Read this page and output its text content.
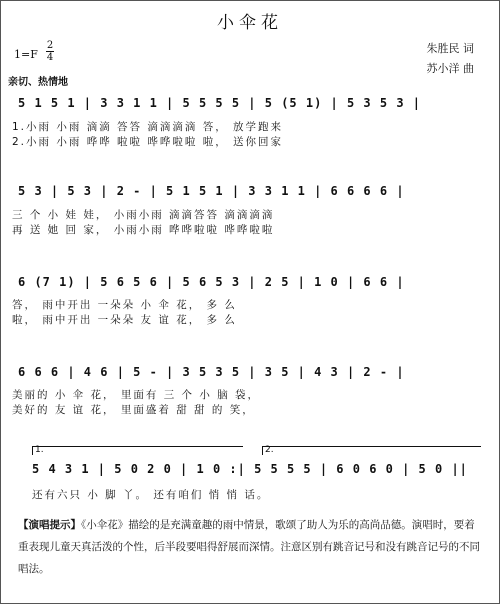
小伞花
1=F
2
4
亲切、热情地
朱胜民 词
苏小洋 曲
5 1 5 1 | 3 3 1 1 | 5 5 5 5 | 5 (5 1) | 5 3 5 3 |
1.小雨 小雨 滴滴 答答 滴滴滴滴 答， 放学跑来
2.小雨 小雨 哗哗 啦啦 哗哗啦啦 啦， 送你回家
5 3 | 5 3 | 2 - | 5 1 5 1 | 3 3 1 1 | 6 6 6 6 |
三 个 小 娃 娃， 小雨小雨 滴滴答答 滴滴滴滴
再 送 她 回 家， 小雨小雨 哗哗啦啦 哗哗啦啦
6 (7 1) | 5 6 5 6 | 5 6 5 3 | 2 5 | 1 0 | 6 6 |
答， 雨中开出 一朵朵 小 伞 花， 多 么
啦， 雨中开出 一朵朵 友 谊 花， 多 么
6 6 6 | 4 6 | 5 - | 3 5 3 5 | 3 5 | 4 3 | 2 - |
美丽的 小 伞 花， 里面有 三 个 小 脑 袋，
美好的 友 谊 花， 里面盛着 甜 甜 的 笑，
1.	2.
5 4 3 1 | 5 0 2 0 | 1 0 :| 5 5 5 5 | 6 0 6 0 | 5 0 ||
还有六只 小 脚 丫。 还有咱们 悄 悄 话。
【演唱提示】《小伞花》描绘的是充满童趣的雨中情景，歌颂了助人为乐的高尚品德。演唱时，要着重表现儿童天真活泼的个性，后半段要唱得舒展而深情。注意区别有跳音记号和没有跳音记号的不同唱法。
